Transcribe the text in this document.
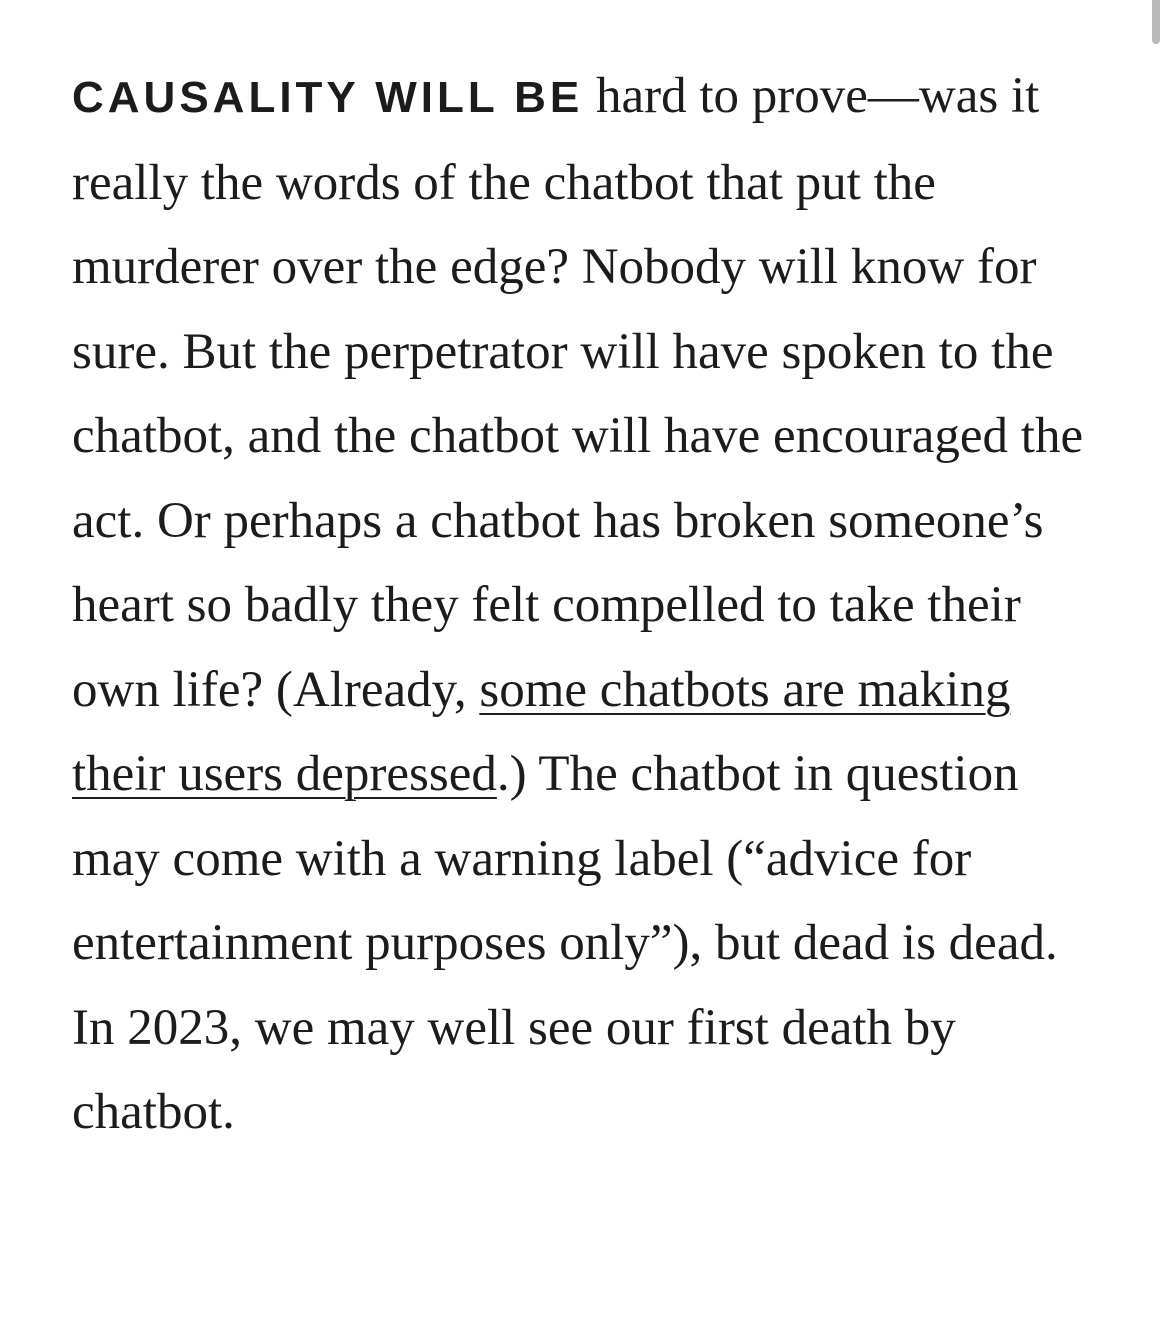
CAUSALITY WILL BE hard to prove—was it really the words of the chatbot that put the murderer over the edge? Nobody will know for sure. But the perpetrator will have spoken to the chatbot, and the chatbot will have encouraged the act. Or perhaps a chatbot has broken someone’s heart so badly they felt compelled to take their own life? (Already, some chatbots are making their users depressed.) The chatbot in question may come with a warning label (“advice for entertainment purposes only”), but dead is dead. In 2023, we may well see our first death by chatbot.
